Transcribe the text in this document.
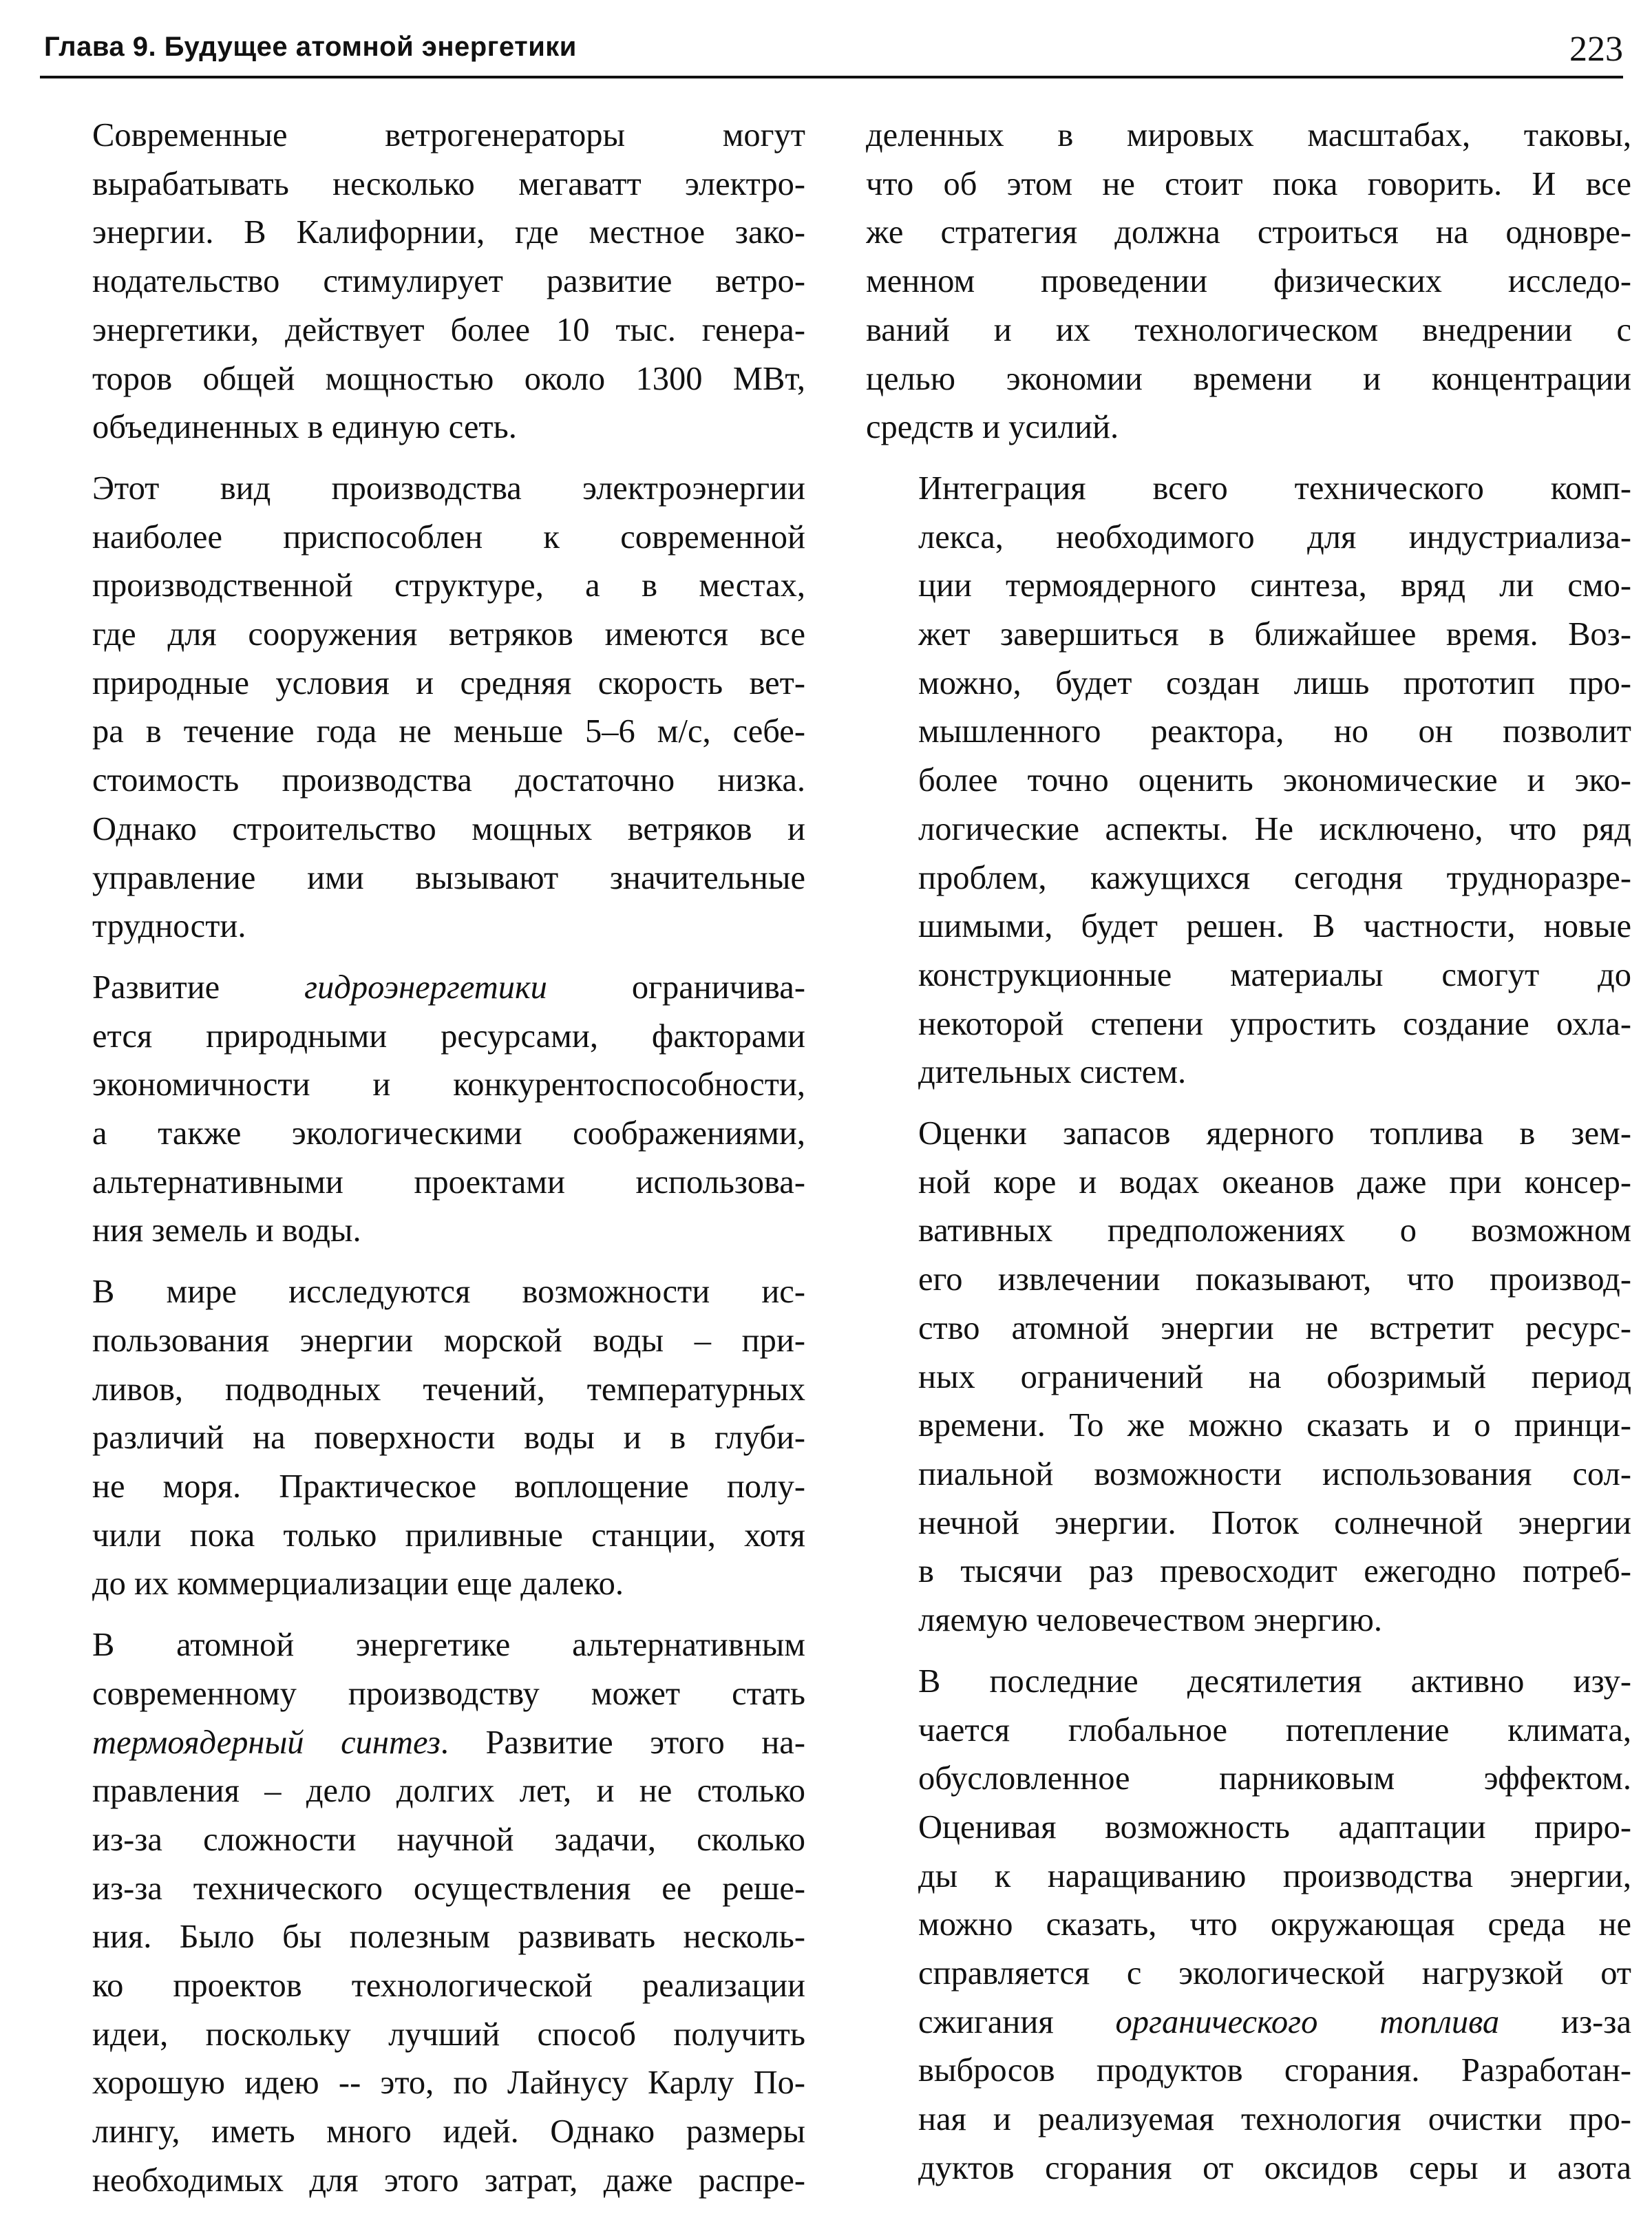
Глава 9. Будущее атомной энергетики	223
Современные ветрогенераторы могут
вырабатывать несколько мегаватт электро-
энергии. В Калифорнии, где местное зако-
нодательство стимулирует развитие ветро-
энергетики, действует более 10 тыс. генера-
торов общей мощностью около 1300 МВт,
объединенных в единую сеть.
Этот вид производства электроэнергии
наиболее приспособлен к современной
производственной структуре, а в местах,
где для сооружения ветряков имеются все
природные условия и средняя скорость вет-
ра в течение года не меньше 5–6 м/с, себе-
стоимость производства достаточно низка.
Однако строительство мощных ветряков и
управление ими вызывают значительные
трудности.
Развитие гидроэнергетики ограничива-
ется природными ресурсами, факторами
экономичности и конкурентоспособности,
а также экологическими соображениями,
альтернативными проектами использова-
ния земель и воды.
В мире исследуются возможности ис-
пользования энергии морской воды – при-
ливов, подводных течений, температурных
различий на поверхности воды и в глуби-
не моря. Практическое воплощение полу-
чили пока только приливные станции, хотя
до их коммерциализации еще далеко.
В атомной энергетике альтернативным
современному производству может стать
термоядерный синтез. Развитие этого на-
правления – дело долгих лет, и не столько
из-за сложности научной задачи, сколько
из-за технического осуществления ее реше-
ния. Было бы полезным развивать несколь-
ко проектов технологической реализации
идеи, поскольку лучший способ получить
хорошую идею -- это, по Лайнусу Карлу По-
лингу, иметь много идей. Однако размеры
необходимых для этого затрат, даже распре-
деленных в мировых масштабах, таковы,
что об этом не стоит пока говорить. И все
же стратегия должна строиться на одновре-
менном проведении физических исследо-
ваний и их технологическом внедрении с
целью экономии времени и концентрации
средств и усилий.
Интеграция всего технического комп-
лекса, необходимого для индустриализа-
ции термоядерного синтеза, вряд ли смо-
жет завершиться в ближайшее время. Воз-
можно, будет создан лишь прототип про-
мышленного реактора, но он позволит
более точно оценить экономические и эко-
логические аспекты. Не исключено, что ряд
проблем, кажущихся сегодня трудноразре-
шимыми, будет решен. В частности, новые
конструкционные материалы смогут до
некоторой степени упростить создание охла-
дительных систем.
Оценки запасов ядерного топлива в зем-
ной коре и водах океанов даже при консер-
вативных предположениях о возможном
его извлечении показывают, что производ-
ство атомной энергии не встретит ресурс-
ных ограничений на обозримый период
времени. То же можно сказать и о принци-
пиальной возможности использования сол-
нечной энергии. Поток солнечной энергии
в тысячи раз превосходит ежегодно потреб-
ляемую человечеством энергию.
В последние десятилетия активно изу-
чается глобальное потепление климата,
обусловленное парниковым эффектом.
Оценивая возможность адаптации приро-
ды к наращиванию производства энергии,
можно сказать, что окружающая среда не
справляется с экологической нагрузкой от
сжигания органического топлива из-за
выбросов продуктов сгорания. Разработан-
ная и реализуемая технология очистки про-
дуктов сгорания от оксидов серы и азота
